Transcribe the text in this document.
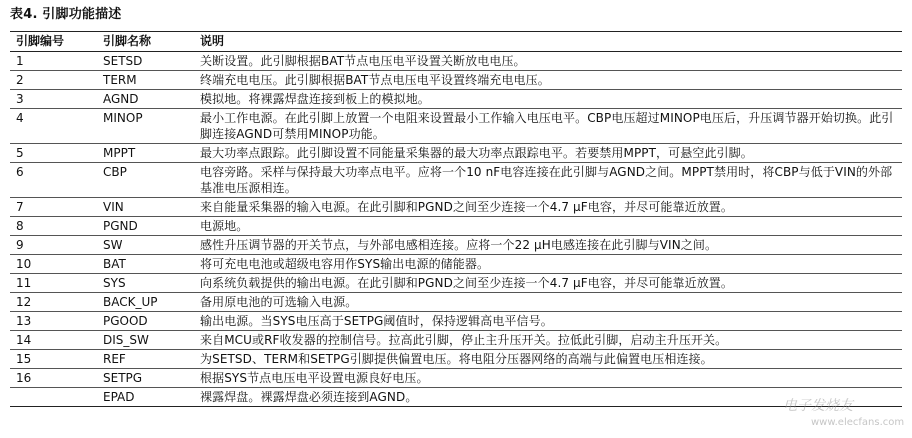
表4. 引脚功能描述
引脚编号	引脚名称	说明
1	SETSD	关断设置。此引脚根据BAT节点电压电平设置关断放电电压。
2	TERM	终端充电电压。此引脚根据BAT节点电压电平设置终端充电电压。
3	AGND	模拟地。将裸露焊盘连接到板上的模拟地。
4	MINOP	最小工作电源。在此引脚上放置一个电阻来设置最小工作输入电压电平。CBP电压超过MINOP电压后，升压调节器开始切换。此引脚连接AGND可禁用MINOP功能。
5	MPPT	最大功率点跟踪。此引脚设置不同能量采集器的最大功率点跟踪电平。若要禁用MPPT，可悬空此引脚。
6	CBP	电容旁路。采样与保持最大功率点电平。应将一个10 nF电容连接在此引脚与AGND之间。MPPT禁用时，将CBP与低于VIN的外部基准电压源相连。
7	VIN	来自能量采集器的输入电源。在此引脚和PGND之间至少连接一个4.7 μF电容，并尽可能靠近放置。
8	PGND	电源地。
9	SW	感性升压调节器的开关节点，与外部电感相连接。应将一个22 μH电感连接在此引脚与VIN之间。
10	BAT	将可充电电池或超级电容用作SYS输出电源的储能器。
11	SYS	向系统负载提供的输出电源。在此引脚和PGND之间至少连接一个4.7 μF电容，并尽可能靠近放置。
12	BACK_UP	备用原电池的可选输入电源。
13	PGOOD	输出电源。当SYS电压高于SETPG阈值时，保持逻辑高电平信号。
14	DIS_SW	来自MCU或RF收发器的控制信号。拉高此引脚，停止主升压开关。拉低此引脚，启动主升压开关。
15	REF	为SETSD、TERM和SETPG引脚提供偏置电压。将电阻分压器网络的高端与此偏置电压相连接。
16	SETPG	根据SYS节点电压电平设置电源良好电压。
	EPAD	裸露焊盘。裸露焊盘必须连接到AGND。
电子发烧友
www.elecfans.com
